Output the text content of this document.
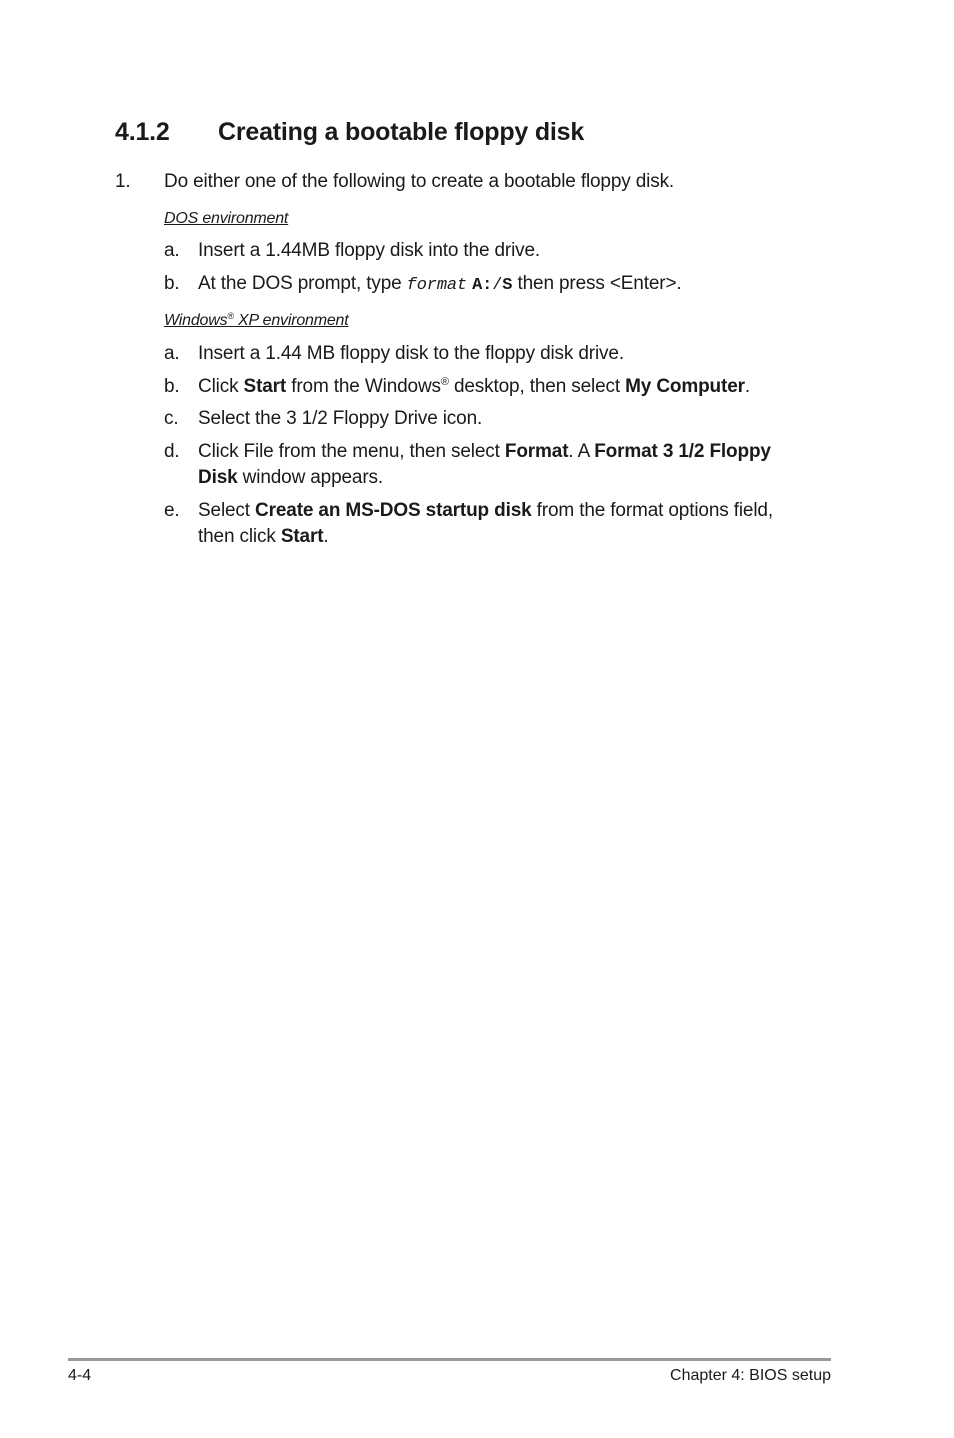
4.1.2 Creating a bootable floppy disk
1. Do either one of the following to create a bootable floppy disk.
DOS environment
a. Insert a 1.44MB floppy disk into the drive.
b. At the DOS prompt, type format A:/S then press <Enter>.
Windows® XP environment
a. Insert a 1.44 MB floppy disk to the floppy disk drive.
b. Click Start from the Windows® desktop, then select My Computer.
c. Select the 3 1/2 Floppy Drive icon.
d. Click File from the menu, then select Format. A Format 3 1/2 Floppy
Disk window appears.
e. Select Create an MS-DOS startup disk from the format options field,
then click Start.
4-4	Chapter 4: BIOS setup
